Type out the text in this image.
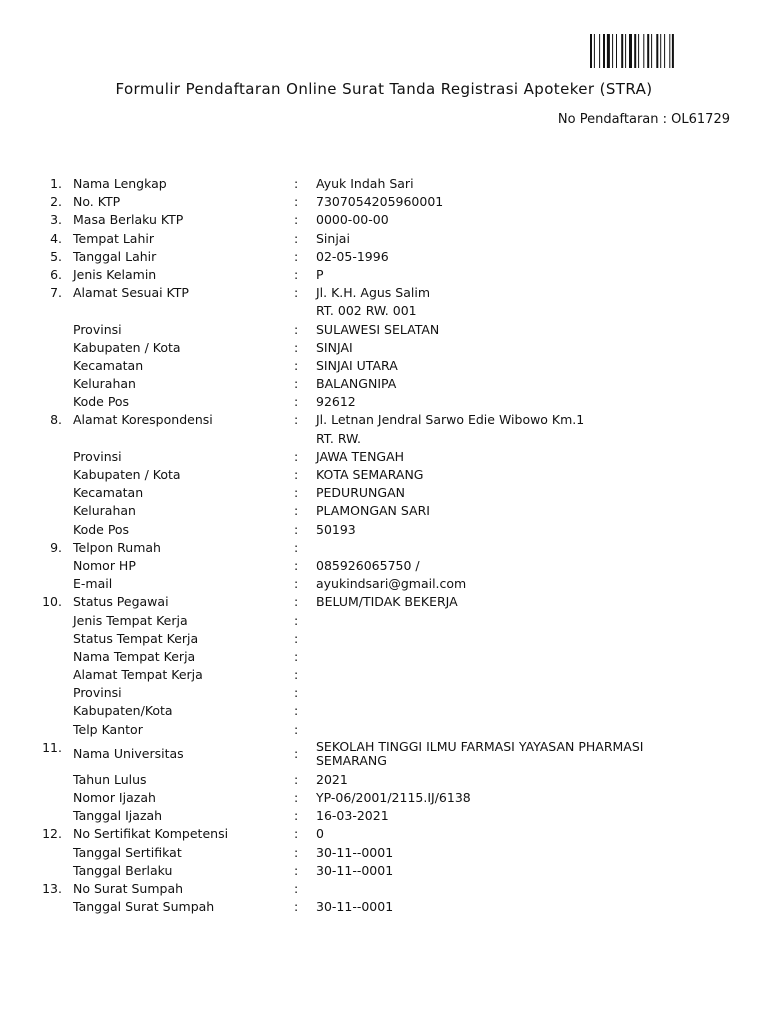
Formulir Pendaftaran Online Surat Tanda Registrasi Apoteker (STRA)
No Pendaftaran : OL61729
1. Nama Lengkap	: Ayuk Indah Sari
2. No. KTP	: 7307054205960001
3. Masa Berlaku KTP	: 0000-00-00
4. Tempat Lahir	: Sinjai
5. Tanggal Lahir	: 02-05-1996
6. Jenis Kelamin	: P
7. Alamat Sesuai KTP	: Jl. K.H. Agus Salim
RT. 002 RW. 001
Provinsi	: SULAWESI SELATAN
Kabupaten / Kota	: SINJAI
Kecamatan	: SINJAI UTARA
Kelurahan	: BALANGNIPA
Kode Pos	: 92612
8. Alamat Korespondensi	: Jl. Letnan Jendral Sarwo Edie Wibowo Km.1
RT. RW.
Provinsi	: JAWA TENGAH
Kabupaten / Kota	: KOTA SEMARANG
Kecamatan	: PEDURUNGAN
Kelurahan	: PLAMONGAN SARI
Kode Pos	: 50193
9. Telpon Rumah	:
Nomor HP	: 085926065750 /
E-mail	: ayukindsari@gmail.com
10. Status Pegawai	: BELUM/TIDAK BEKERJA
Jenis Tempat Kerja	:
Status Tempat Kerja	:
Nama Tempat Kerja	:
Alamat Tempat Kerja	:
Provinsi	:
Kabupaten/Kota	:
Telp Kantor	:
11. Nama Universitas	: SEKOLAH TINGGI ILMU FARMASI YAYASAN PHARMASI SEMARANG
Tahun Lulus	: 2021
Nomor Ijazah	: YP-06/2001/2115.IJ/6138
Tanggal Ijazah	: 16-03-2021
12. No Sertifikat Kompetensi	: 0
Tanggal Sertifikat	: 30-11--0001
Tanggal Berlaku	: 30-11--0001
13. No Surat Sumpah	:
Tanggal Surat Sumpah	: 30-11--0001
